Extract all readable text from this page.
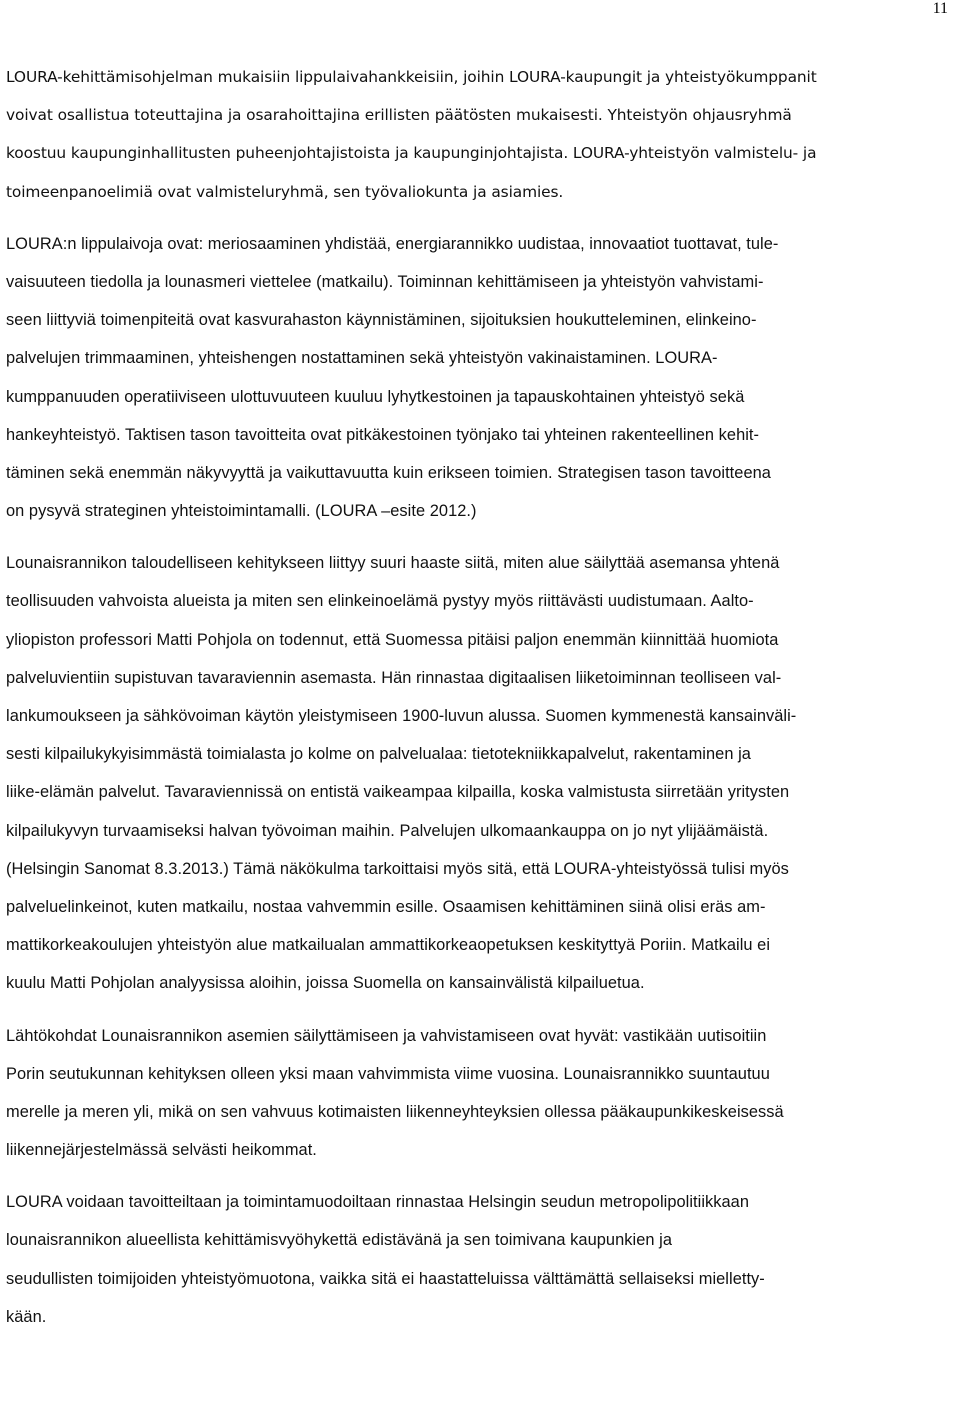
11
LOURA-kehittämisohjelman mukaisiin lippulaivahankkeisiin, joihin LOURA-kaupungit ja yhteistyökumppanit
voivat osallistua toteuttajina ja osarahoittajina erillisten päätösten mukaisesti. Yhteistyön ohjausryhmä
koostuu kaupunginhallitusten puheenjohtajistoista ja kaupunginjohtajista. LOURA-yhteistyön valmistelu- ja
toimeenpanoelimiä ovat valmisteluryhmä, sen työvaliokunta ja asiamies.
LOURA:n lippulaivoja ovat: meriosaaminen yhdistää, energiarannikko uudistaa, innovaatiot tuottavat, tule-
vaisuuteen tiedolla ja lounasmeri viettelee (matkailu). Toiminnan kehittämiseen ja yhteistyön vahvistami-
seen liittyviä toimenpiteitä ovat kasvurahaston käynnistäminen, sijoituksien houkutteleminen, elinkeino-
palvelujen trimmaaminen, yhteishengen nostattaminen sekä yhteistyön vakinaistaminen. LOURA-
kumppanuuden operatiiviseen ulottuvuuteen kuuluu lyhytkestoinen ja tapauskohtainen yhteistyö sekä
hankeyhteistyö. Taktisen tason tavoitteita ovat pitkäkestoinen työnjako tai yhteinen rakenteellinen kehit-
täminen sekä enemmän näkyvyyttä ja vaikuttavuutta kuin erikseen toimien. Strategisen tason tavoitteena
on pysyvä strateginen yhteistoimintamalli. (LOURA –esite 2012.)
Lounaisrannikon taloudelliseen kehitykseen liittyy suuri haaste siitä, miten alue säilyttää asemansa yhtenä
teollisuuden vahvoista alueista ja miten sen elinkeinoelämä pystyy myös riittävästi uudistumaan. Aalto-
yliopiston professori Matti Pohjola on todennut, että Suomessa pitäisi paljon enemmän kiinnittää huomiota
palveluvientiin supistuvan tavaraviennin asemasta. Hän rinnastaa digitaalisen liiketoiminnan teolliseen val-
lankumoukseen ja sähkövoiman käytön yleistymiseen 1900-luvun alussa. Suomen kymmenestä kansainväli-
sesti kilpailukykyisimmästä toimialasta jo kolme on palvelualaa: tietotekniikkapalvelut, rakentaminen ja
liike-elämän palvelut. Tavaraviennissä on entistä vaikeampaa kilpailla, koska valmistusta siirretään yritysten
kilpailukyvyn turvaamiseksi halvan työvoiman maihin. Palvelujen ulkomaankauppa on jo nyt ylijäämäistä.
(Helsingin Sanomat 8.3.2013.) Tämä näkökulma tarkoittaisi myös sitä, että LOURA-yhteistyössä tulisi myös
palveluelinkeinot, kuten matkailu, nostaa vahvemmin esille. Osaamisen kehittäminen siinä olisi eräs am-
mattikorkeakoulujen yhteistyön alue matkailualan ammattikorkeaopetuksen keskityttyä Poriin. Matkailu ei
kuulu Matti Pohjolan analyysissa aloihin, joissa Suomella on kansainvälistä kilpailuetua.
Lähtökohdat Lounaisrannikon asemien säilyttämiseen ja vahvistamiseen ovat hyvät: vastikään uutisoitiin
Porin seutukunnan kehityksen olleen yksi maan vahvimmista viime vuosina. Lounaisrannikko suuntautuu
merelle ja meren yli, mikä on sen vahvuus kotimaisten liikenneyhteyksien ollessa pääkaupunkikeskeisessä
liikennejärjestelmässä selvästi heikommat.
LOURA voidaan tavoitteiltaan ja toimintamuodoiltaan rinnastaa Helsingin seudun metropolipolitiikkaan
lounaisrannikon alueellista kehittämisvyöhykettä edistävänä ja sen toimivana kaupunkien ja
seudullisten toimijoiden yhteistyömuotona, vaikka sitä ei haastatteluissa välttämättä sellaiseksi mielletty-
kään.
